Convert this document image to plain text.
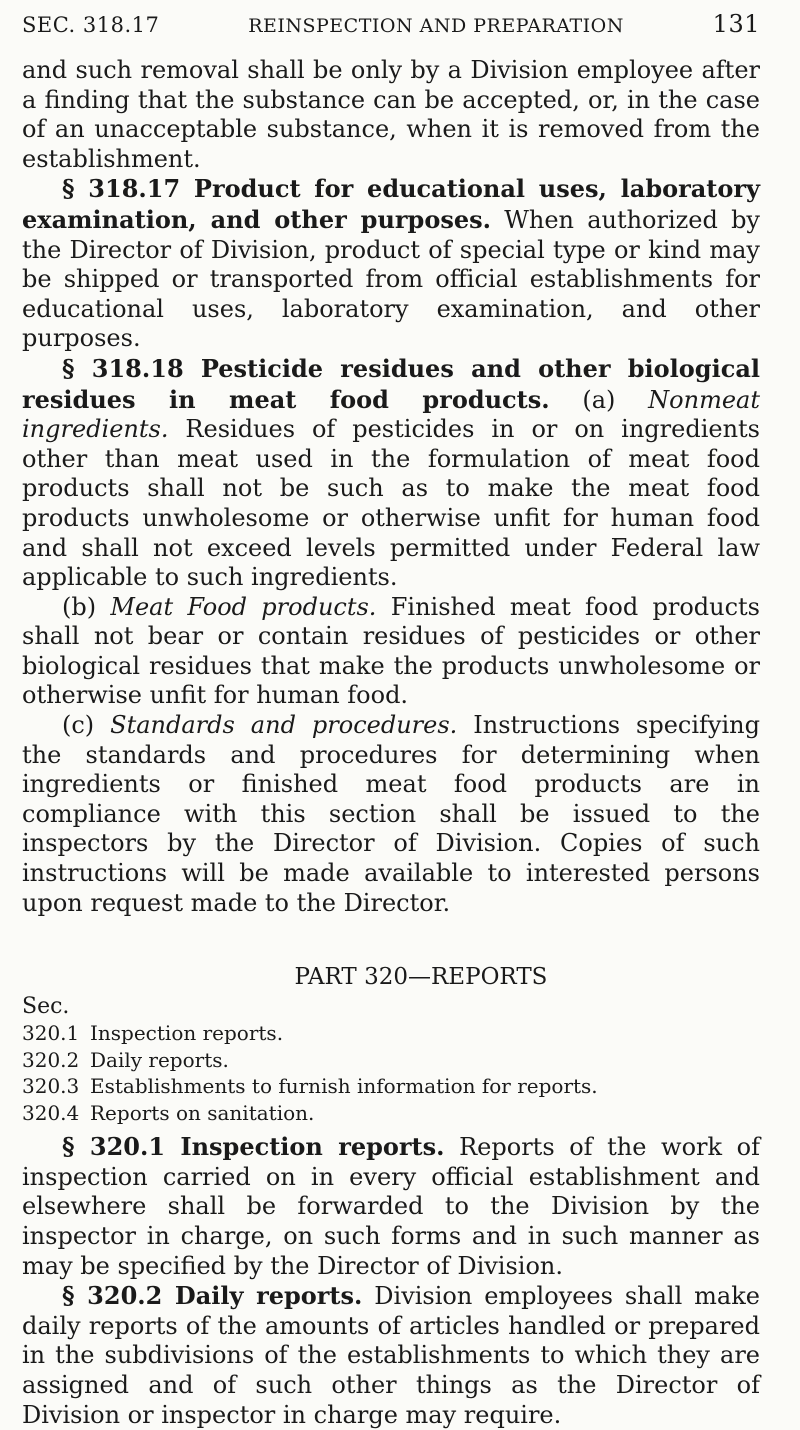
SEC. 318.17	REINSPECTION AND PREPARATION	131

and such removal shall be only by a Division employee after a finding that the substance can be accepted, or, in the case of an unacceptable substance, when it is removed from the establishment.

§ 318.17 Product for educational uses, laboratory examination, and other purposes. When authorized by the Director of Division, product of special type or kind may be shipped or transported from official establishments for educational uses, laboratory examination, and other purposes.

§ 318.18 Pesticide residues and other biological residues in meat food products. (a) Nonmeat ingredients. Residues of pesticides in or on ingredients other than meat used in the formulation of meat food products shall not be such as to make the meat food products unwholesome or otherwise unfit for human food and shall not exceed levels permitted under Federal law applicable to such ingredients.

(b) Meat Food products. Finished meat food products shall not bear or contain residues of pesticides or other biological residues that make the products unwholesome or otherwise unfit for human food.

(c) Standards and procedures. Instructions specifying the standards and procedures for determining when ingredients or finished meat food products are in compliance with this section shall be issued to the inspectors by the Director of Division. Copies of such instructions will be made available to interested persons upon request made to the Director.

PART 320—REPORTS
Sec.
320.1 Inspection reports.
320.2 Daily reports.
320.3 Establishments to furnish information for reports.
320.4 Reports on sanitation.

§ 320.1 Inspection reports. Reports of the work of inspection carried on in every official establishment and elsewhere shall be forwarded to the Division by the inspector in charge, on such forms and in such manner as may be specified by the Director of Division.

§ 320.2 Daily reports. Division employees shall make daily reports of the amounts of articles handled or prepared in the subdivisions of the establishments to which they are assigned and of such other things as the Director of Division or inspector in charge may require.
